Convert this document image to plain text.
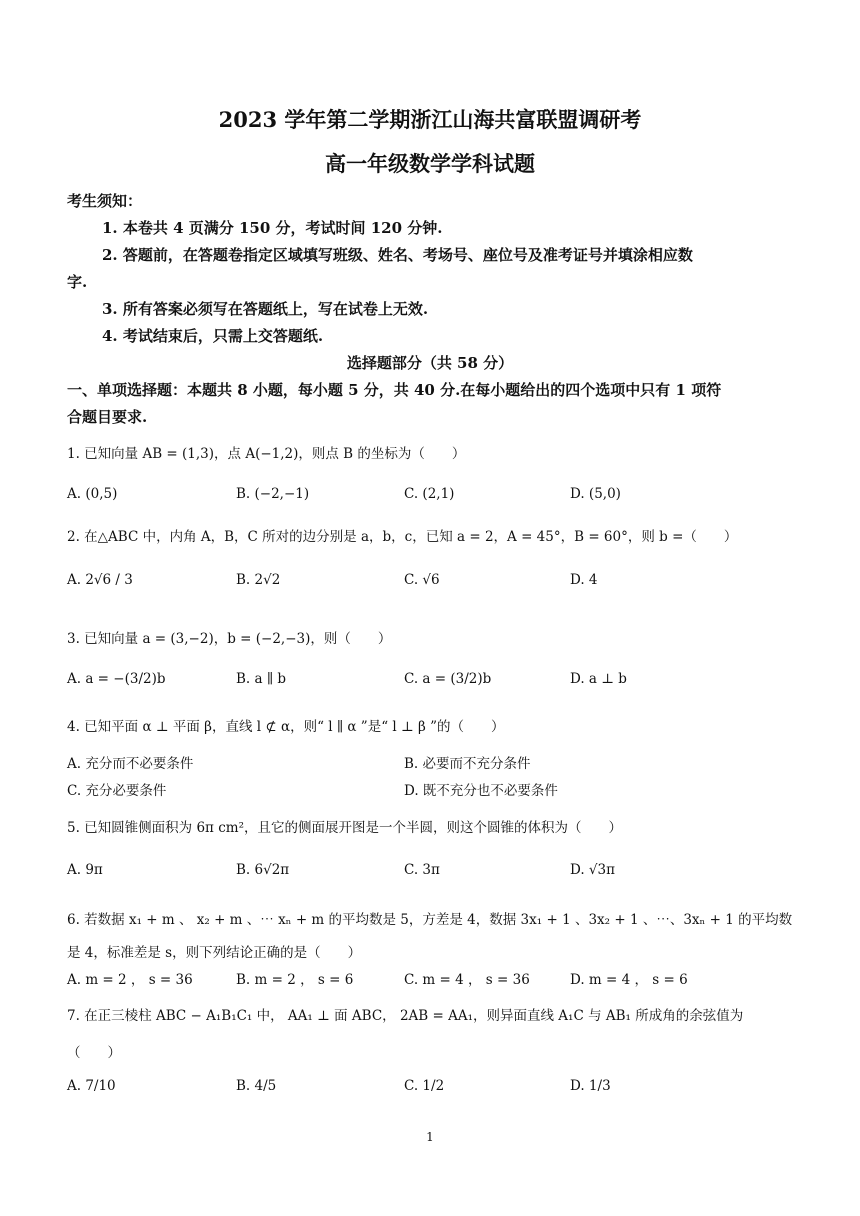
2023 学年第二学期浙江山海共富联盟调研考
高一年级数学学科试题
考生须知：
1. 本卷共 4 页满分 150 分，考试时间 120 分钟.
2. 答题前，在答题卷指定区域填写班级、姓名、考场号、座位号及准考证号并填涂相应数
字.
3. 所有答案必须写在答题纸上，写在试卷上无效.
4. 考试结束后，只需上交答题纸.
选择题部分（共 58 分）
一、单项选择题：本题共 8 小题，每小题 5 分，共 40 分.在每小题给出的四个选项中只有 1 项符
合题目要求.
1. 已知向量 AB = (1,3)，点 A(−1,2)，则点 B 的坐标为（　　）
A. (0,5)	B. (−2,−1)	C. (2,1)	D. (5,0)
2. 在△ABC 中，内角 A，B，C 所对的边分别是 a，b，c，已知 a = 2，A = 45°，B = 60°，则 b =（　　）
A. 2√6 / 3	B. 2√2	C. √6	D. 4
3. 已知向量 a = (3,−2)，b = (−2,−3)，则（　　）
A. a = −(3/2)b	B. a ∥ b	C. a = (3/2)b	D. a ⊥ b
4. 已知平面 α ⊥ 平面 β，直线 l ⊄ α，则“ l ∥ α ”是“ l ⊥ β ”的（　　）
A. 充分而不必要条件	B. 必要而不充分条件
C. 充分必要条件	D. 既不充分也不必要条件
5. 已知圆锥侧面积为 6π cm²，且它的侧面展开图是一个半圆，则这个圆锥的体积为（　　）
A. 9π	B. 6√2π	C. 3π	D. √3π
6. 若数据 x₁ + m 、 x₂ + m 、⋯ xₙ + m 的平均数是 5，方差是 4，数据 3x₁ + 1 、3x₂ + 1 、⋯、3xₙ + 1 的平均数
是 4，标准差是 s，则下列结论正确的是（　　）
A. m = 2 ， s = 36	B. m = 2 ， s = 6	C. m = 4 ， s = 36	D. m = 4 ， s = 6
7. 在正三棱柱 ABC − A₁B₁C₁ 中， AA₁ ⊥ 面 ABC， 2AB = AA₁，则异面直线 A₁C 与 AB₁ 所成角的余弦值为
（　　）
A. 7/10	B. 4/5	C. 1/2	D. 1/3
1
